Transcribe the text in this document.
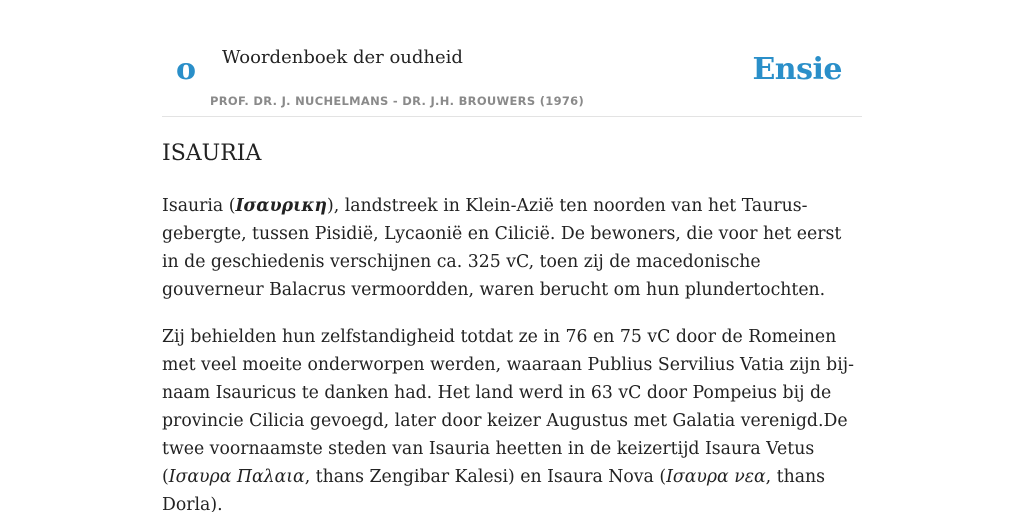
o Woordenboek der oudheid
PROF. DR. J. NUCHELMANS - DR. J.H. BROUWERS (1976)
Ensie
ISAURIA

Isauria (Ισαυρικη), landstreek in Klein-Azië ten noorden van het Taurus-gebergte, tussen Pisidië, Lycaonië en Cilicië. De bewoners, die voor het eerst in de geschiedenis verschijnen ca. 325 vC, toen zij de macedonische gouverneur Balacrus vermoordden, waren berucht om hun plundertochten.

Zij behielden hun zelfstandigheid totdat ze in 76 en 75 vC door de Romeinen met veel moeite onderworpen werden, waaraan Publius Servilius Vatia zijn bij-naam Isauricus te danken had. Het land werd in 63 vC door Pompeius bij de provincie Cilicia gevoegd, later door keizer Augustus met Galatia verenigd.De twee voornaamste steden van Isauria heetten in de keizertijd Isaura Vetus (Ισαυρα Παλαια, thans Zengibar Kalesi) en Isaura Nova (Ισαυρα νεα, thans Dorla).
